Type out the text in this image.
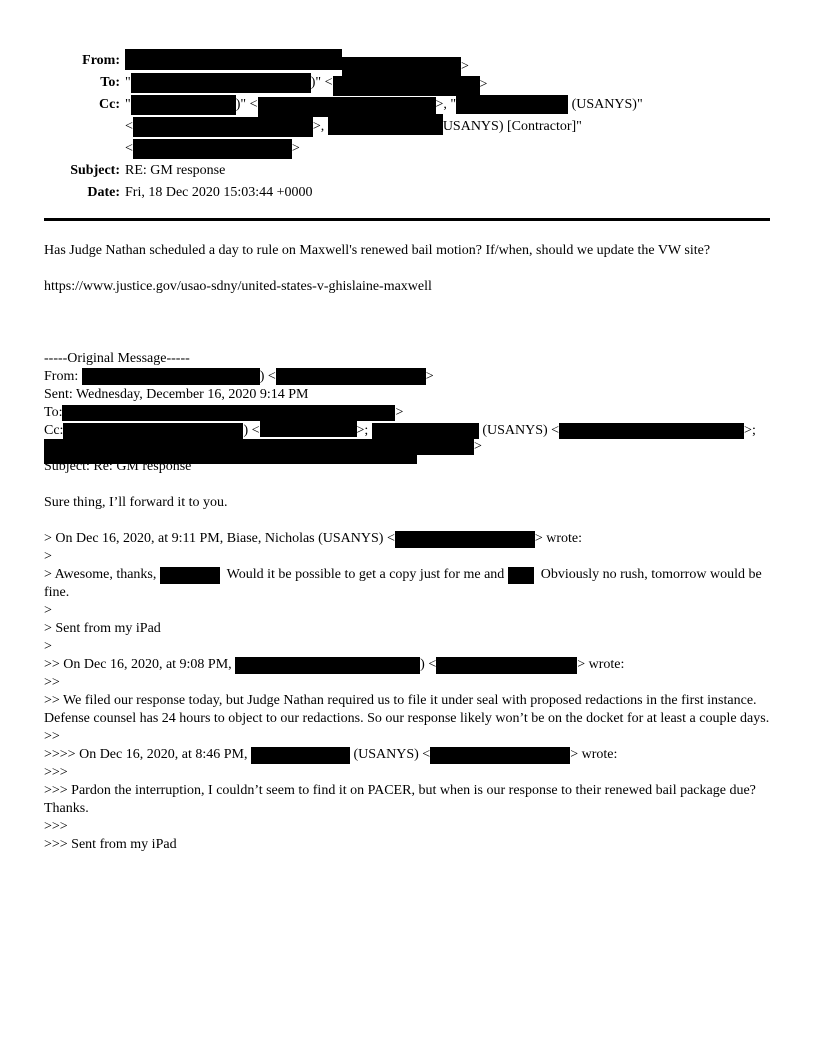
From:	>
To: "	)" <	>
Cc: "	)" <	>, "	(USANYS)"
<	>,	USANYS) [Contractor]"
<	>
Subject: RE: GM response
Date: Fri, 18 Dec 2020 15:03:44 +0000
Has Judge Nathan scheduled a day to rule on Maxwell's renewed bail motion? If/when, should we update the VW site?
https://www.justice.gov/usao-sdny/united-states-v-ghislaine-maxwell
-----Original Message-----
From:	) <	>
Sent: Wednesday, December 16, 2020 9:14 PM
To:	>
Cc:	) <	>;	(USANYS) <	>;
>
Subject: Re: GM response
Sure thing, I’ll forward it to you.
> On Dec 16, 2020, at 9:11 PM, Biase, Nicholas (USANYS) <	> wrote:
>
> Awesome, thanks,	Would it be possible to get a copy just for me and   Obviously no rush, tomorrow would be fine.
>
> Sent from my iPad
>
>> On Dec 16, 2020, at 9:08 PM,	) <	> wrote:
>>
>> We filed our response today, but Judge Nathan required us to file it under seal with proposed redactions in the first instance. Defense counsel has 24 hours to object to our redactions. So our response likely won’t be on the docket for at least a couple days.
>>
>>>> On Dec 16, 2020, at 8:46 PM,	(USANYS) <	> wrote:
>>>
>>> Pardon the interruption, I couldn’t seem to find it on PACER, but when is our response to their renewed bail package due? Thanks.
>>>
>>> Sent from my iPad
